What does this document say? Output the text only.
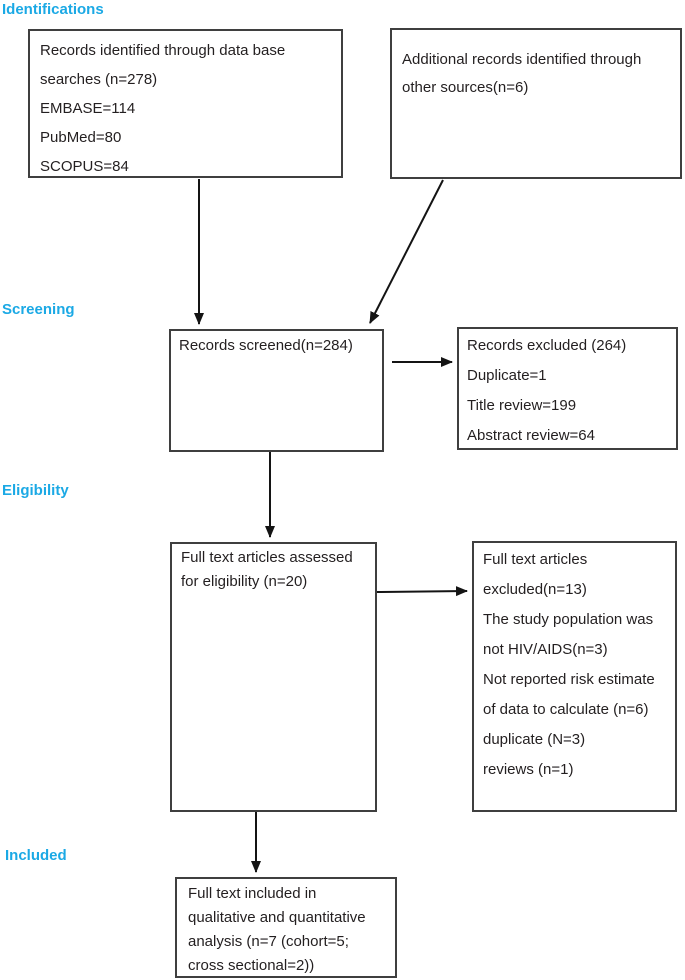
Identifications
Screening
Eligibility
Included
Records identified through data base
searches (n=278)
EMBASE=114
PubMed=80
SCOPUS=84
Additional records identified through
other sources(n=6)
Records screened(n=284)	Records excluded (264)
Duplicate=1
Title review=199
Abstract review=64
Full text articles assessed
for eligibility (n=20)
Full text articles
excluded(n=13)
The study population was
not HIV/AIDS(n=3)
Not reported risk estimate
of data to calculate (n=6)
duplicate (N=3)
reviews (n=1)
Full text included in
qualitative and quantitative
analysis (n=7 (cohort=5;
cross sectional=2))
